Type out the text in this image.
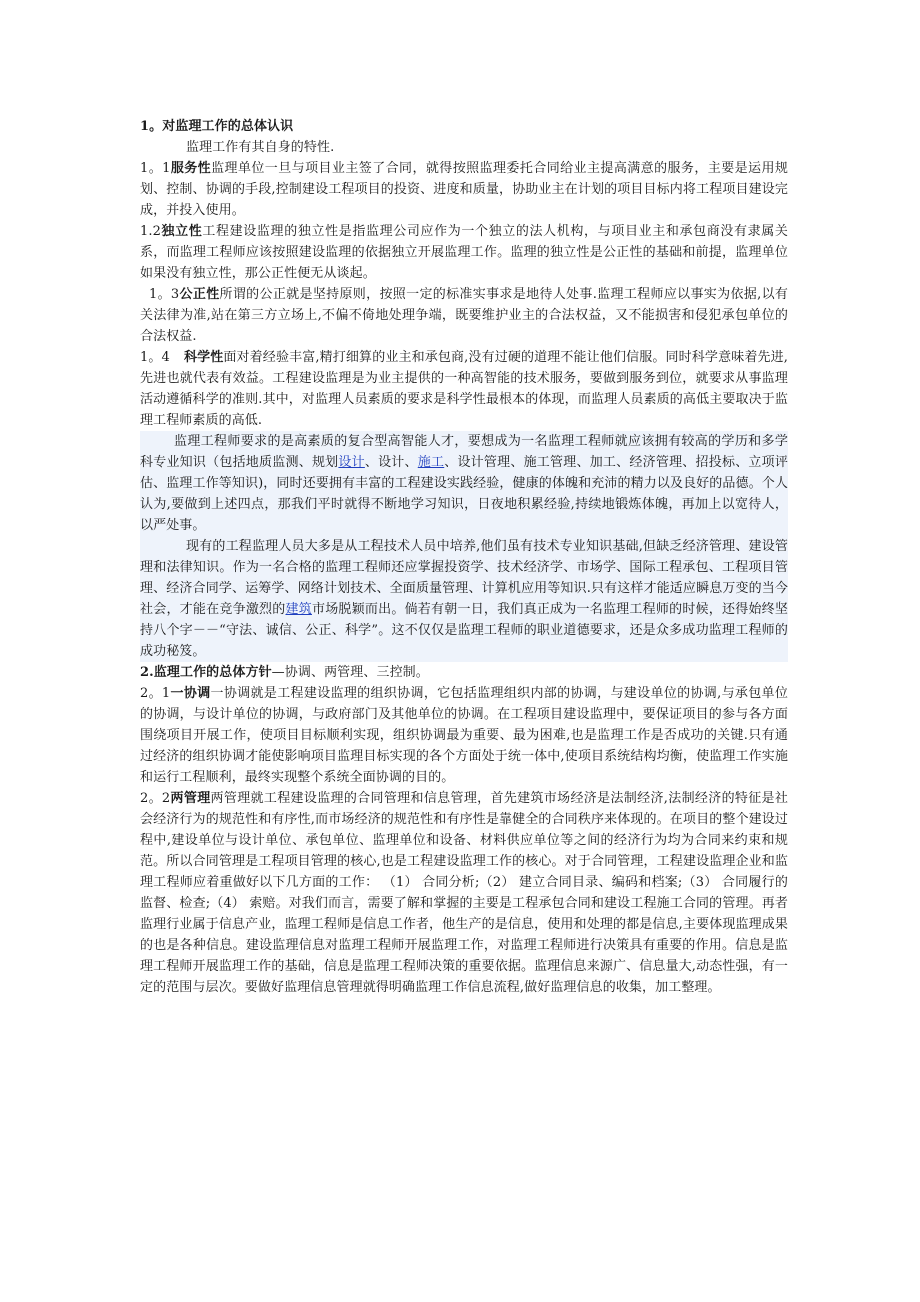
1。对监理工作的总体认识

监理工作有其自身的特性.

1。1服务性监理单位一旦与项目业主签了合同，就得按照监理委托合同给业主提高满意的服务，主要是运用规划、控制、协调的手段,控制建设工程项目的投资、进度和质量，协助业主在计划的项目目标内将工程项目建设完成，并投入使用。

1.2独立性工程建设监理的独立性是指监理公司应作为一个独立的法人机构，与项目业主和承包商没有隶属关系，而监理工程师应该按照建设监理的依据独立开展监理工作。监理的独立性是公正性的基础和前提，监理单位如果没有独立性，那公正性便无从谈起。

1。3公正性所谓的公正就是坚持原则，按照一定的标准实事求是地待人处事.监理工程师应以事实为依据,以有关法律为准,站在第三方立场上,不偏不倚地处理争端，既要维护业主的合法权益，又不能损害和侵犯承包单位的合法权益.

1。4 科学性面对着经验丰富,精打细算的业主和承包商,没有过硬的道理不能让他们信服。同时科学意味着先进,先进也就代表有效益。工程建设监理是为业主提供的一种高智能的技术服务，要做到服务到位，就要求从事监理活动遵循科学的准则.其中，对监理人员素质的要求是科学性最根本的体现，而监理人员素质的高低主要取决于监理工程师素质的高低.

监理工程师要求的是高素质的复合型高智能人才，要想成为一名监理工程师就应该拥有较高的学历和多学科专业知识（包括地质监测、规划设计、设计、施工、设计管理、施工管理、加工、经济管理、招投标、立项评估、监理工作等知识)，同时还要拥有丰富的工程建设实践经验，健康的体魄和充沛的精力以及良好的品德。个人认为,要做到上述四点，那我们平时就得不断地学习知识，日夜地积累经验,持续地锻炼体魄，再加上以宽待人，以严处事。

现有的工程监理人员大多是从工程技术人员中培养,他们虽有技术专业知识基础,但缺乏经济管理、建设管理和法律知识。作为一名合格的监理工程师还应掌握投资学、技术经济学、市场学、国际工程承包、工程项目管理、经济合同学、运筹学、网络计划技术、全面质量管理、计算机应用等知识.只有这样才能适应瞬息万变的当今社会，才能在竞争激烈的建筑市场脱颖而出。倘若有朝一日，我们真正成为一名监理工程师的时候，还得始终坚持八个字－－“守法、诚信、公正、科学”。这不仅仅是监理工程师的职业道德要求，还是众多成功监理工程师的成功秘笈。

2.监理工作的总体方针—协调、两管理、三控制。

2。1一协调一协调就是工程建设监理的组织协调，它包括监理组织内部的协调，与建设单位的协调,与承包单位的协调，与设计单位的协调，与政府部门及其他单位的协调。在工程项目建设监理中，要保证项目的参与各方面围绕项目开展工作，使项目目标顺利实现，组织协调最为重要、最为困难,也是监理工作是否成功的关键.只有通过经济的组织协调才能使影响项目监理目标实现的各个方面处于统一体中,使项目系统结构均衡，使监理工作实施和运行工程顺利，最终实现整个系统全面协调的目的。

2。2两管理两管理就工程建设监理的合同管理和信息管理，首先建筑市场经济是法制经济,法制经济的特征是社会经济行为的规范性和有序性,而市场经济的规范性和有序性是靠健全的合同秩序来体现的。在项目的整个建设过程中,建设单位与设计单位、承包单位、监理单位和设备、材料供应单位等之间的经济行为均为合同来约束和规范。所以合同管理是工程项目管理的核心,也是工程建设监理工作的核心。对于合同管理，工程建设监理企业和监理工程师应着重做好以下几方面的工作： （1） 合同分析;（2） 建立合同目录、编码和档案;（3） 合同履行的监督、检查;（4） 索赔。对我们而言，需要了解和掌握的主要是工程承包合同和建设工程施工合同的管理。再者监理行业属于信息产业，监理工程师是信息工作者，他生产的是信息，使用和处理的都是信息,主要体现监理成果的也是各种信息。建设监理信息对监理工程师开展监理工作，对监理工程师进行决策具有重要的作用。信息是监理工程师开展监理工作的基础，信息是监理工程师决策的重要依据。监理信息来源广、信息量大,动态性强，有一定的范围与层次。要做好监理信息管理就得明确监理工作信息流程,做好监理信息的收集，加工整理。
